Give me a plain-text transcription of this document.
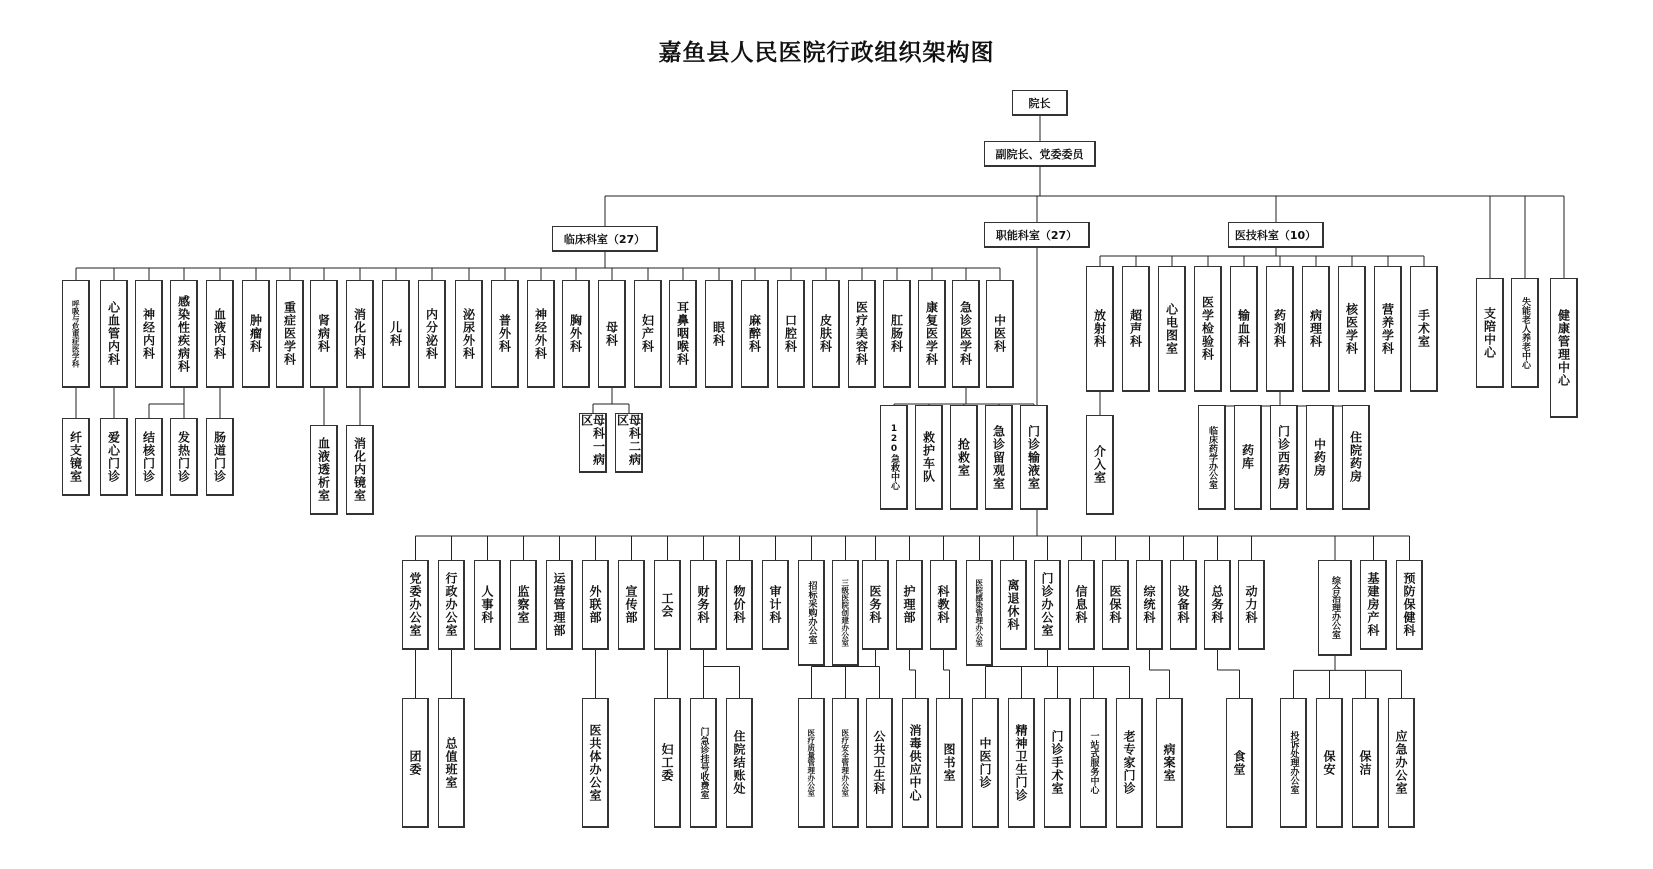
嘉鱼县人民医院行政组织架构图
院长
副院长、党委委员
临床科室（27）	职能科室（27）	医技科室（10）
呼吸与危重症医学科	心血管内科	神经内科	感染性疾病科	血液内科	肿瘤科	重症医学科	肾病科	消化内科	儿科	内分泌科	泌尿外科	普外科	神经外科	胸外科	母科	妇产科	耳鼻咽喉科	眼科	麻醉科	口腔科	皮肤科	医疗美容科	肛肠科	康复医学科	急诊医学科	中医科
纤支镜室	爱心门诊	结核门诊	发热门诊	肠道门诊	血液透析室	消化内镜室	母科一病区	母科二病区
120急救中心	救护车队	抢救室	急诊留观室	门诊输液室
放射科	超声科	心电图室	医学检验科	输血科	药剂科	病理科	核医学科	营养学科	手术室
介入室	临床药学办公室	药库	门诊西药房	中药房	住院药房
支陪中心	失能老人养老中心	健康管理中心
党委办公室	行政办公室	人事科	监察室	运营管理部	外联部	宣传部	工会	财务科	物价科	审计科	招标采购办公室	三级医院创建办公室	医务科	护理部	科教科	医院感染管理办公室	离退休科	门诊办公室	信息科	医保科	综统科	设备科	总务科	动力科	综合治理办公室	基建房产科	预防保健科
团委	总值班室	医共体办公室	妇工委	门急诊挂号收费室	住院结账处	医疗质量管理办公室	医疗安全管理办公室	公共卫生科	消毒供应中心	图书室	中医门诊	精神卫生门诊	门诊手术室	一站式服务中心	老专家门诊	病案室	食堂	投诉处理办公室	保安	保洁	应急办公室
